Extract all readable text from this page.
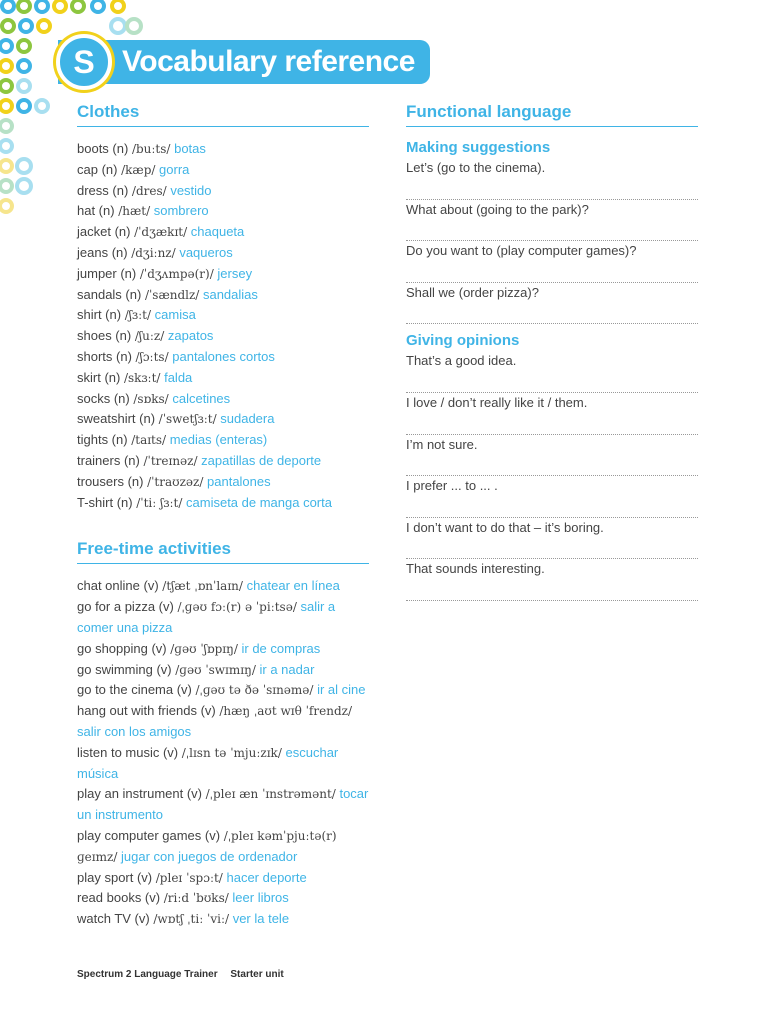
S Vocabulary reference
Clothes
boots (n) /buːts/ botas
cap (n) /kæp/ gorra
dress (n) /dres/ vestido
hat (n) /hæt/ sombrero
jacket (n) /ˈdʒækɪt/ chaqueta
jeans (n) /dʒiːnz/ vaqueros
jumper (n) /ˈdʒʌmpə(r)/ jersey
sandals (n) /ˈsændlz/ sandalias
shirt (n) /ʃɜːt/ camisa
shoes (n) /ʃuːz/ zapatos
shorts (n) /ʃɔːts/ pantalones cortos
skirt (n) /skɜːt/ falda
socks (n) /sɒks/ calcetines
sweatshirt (n) /ˈswetʃɜːt/ sudadera
tights (n) /taɪts/ medias (enteras)
trainers (n) /ˈtreɪnəz/ zapatillas de deporte
trousers (n) /ˈtraʊzəz/ pantalones
T-shirt (n) /ˈtiː ʃɜːt/ camiseta de manga corta
Free-time activities
chat online (v) /tʃæt ˌɒnˈlaɪn/ chatear en línea
go for a pizza (v) /ˌɡəʊ fɔː(r) ə ˈpiːtsə/ salir a comer una pizza
go shopping (v) /ɡəʊ ˈʃɒpɪŋ/ ir de compras
go swimming (v) /ɡəʊ ˈswɪmɪŋ/ ir a nadar
go to the cinema (v) /ˌɡəʊ tə ðə ˈsɪnəmə/ ir al cine
hang out with friends (v) /hæŋ ˌaʊt wɪθ ˈfrendz/ salir con los amigos
listen to music (v) /ˌlɪsn tə ˈmjuːzɪk/ escuchar música
play an instrument (v) /ˌpleɪ æn ˈɪnstrəmənt/ tocar un instrumento
play computer games (v) /ˌpleɪ kəmˈpjuːtə(r) ɡeɪmz/ jugar con juegos de ordenador
play sport (v) /pleɪ ˈspɔːt/ hacer deporte
read books (v) /riːd ˈbʊks/ leer libros
watch TV (v) /wɒtʃ ˌtiː ˈviː/ ver la tele
Functional language
Making suggestions
Let’s (go to the cinema).
What about (going to the park)?
Do you want to (play computer games)?
Shall we (order pizza)?
Giving opinions
That’s a good idea.
I love / don’t really like it / them.
I’m not sure.
I prefer ... to ... .
I don’t want to do that – it’s boring.
That sounds interesting.
Spectrum 2 Language Trainer Starter unit
